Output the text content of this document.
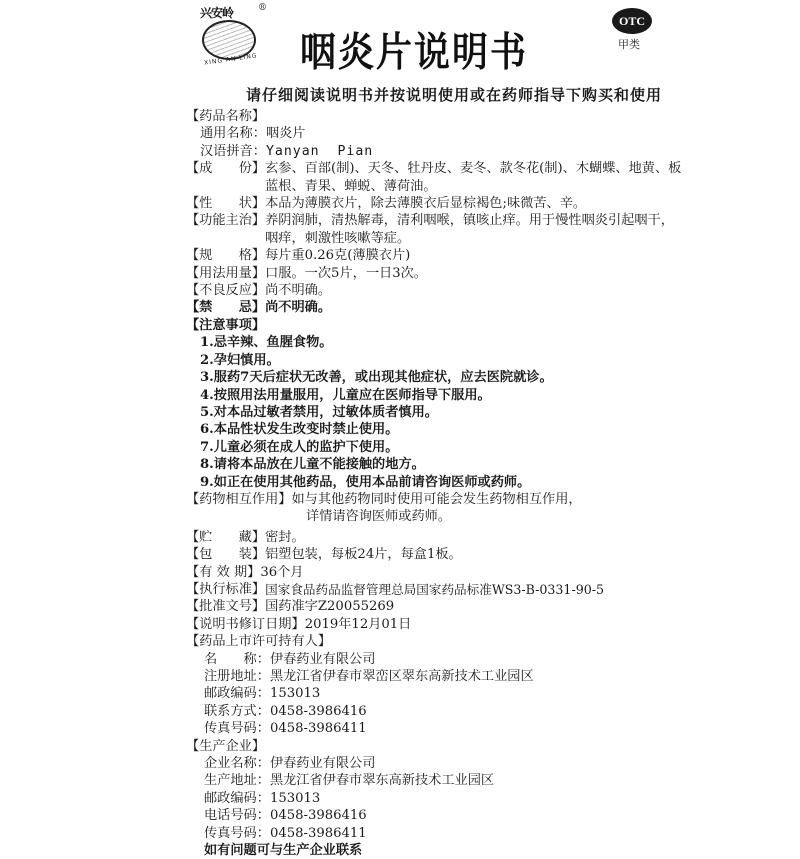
兴安岭	®
XING AN LING 咽炎片说明书
OTC
甲类
请仔细阅读说明书并按说明使用或在药师指导下购买和使用
【药品名称】
通用名称： 咽炎片
汉语拼音： Yanyan  Pian
【成　　份】 玄参、百部(制)、天冬、牡丹皮、麦冬、款冬花(制)、木蝴蝶、地黄、板蓝根、青果、蝉蜕、薄荷油。
【性　　状】 本品为薄膜衣片，除去薄膜衣后显棕褐色;味微苦、辛。
【功能主治】 养阴润肺，清热解毒，清利咽喉，镇咳止痒。用于慢性咽炎引起咽干，咽痒，刺激性咳嗽等症。
【规　　格】 每片重0.26克(薄膜衣片)
【用法用量】 口服。一次5片，一日3次。
【不良反应】 尚不明确。
【禁　　忌】 尚不明确。
【注意事项】
1.忌辛辣、鱼腥食物。
2.孕妇慎用。
3.服药7天后症状无改善，或出现其他症状，应去医院就诊。
4.按照用法用量服用，儿童应在医师指导下服用。
5.对本品过敏者禁用，过敏体质者慎用。
6.本品性状发生改变时禁止使用。
7.儿童必须在成人的监护下使用。
8.请将本品放在儿童不能接触的地方。
9.如正在使用其他药品，使用本品前请咨询医师或药师。
【药物相互作用】 如与其他药物同时使用可能会发生药物相互作用，
详情请咨询医师或药师。
【贮　　藏】 密封。
【包　　装】 铝塑包装，每板24片，每盒1板。
【有 效 期】 36个月
【执行标准】 国家食品药品监督管理总局国家药品标准WS3-B-0331-90-5
【批准文号】 国药准字Z20055269
【说明书修订日期】 2019年12月01日
【药品上市许可持有人】
名　　称： 伊春药业有限公司
注册地址： 黑龙江省伊春市翠峦区翠东高新技术工业园区
邮政编码： 153013
联系方式： 0458-3986416
传真号码： 0458-3986411
【生产企业】
企业名称： 伊春药业有限公司
生产地址： 黑龙江省伊春市翠东高新技术工业园区
邮政编码： 153013
电话号码： 0458-3986416
传真号码： 0458-3986411
如有问题可与生产企业联系
